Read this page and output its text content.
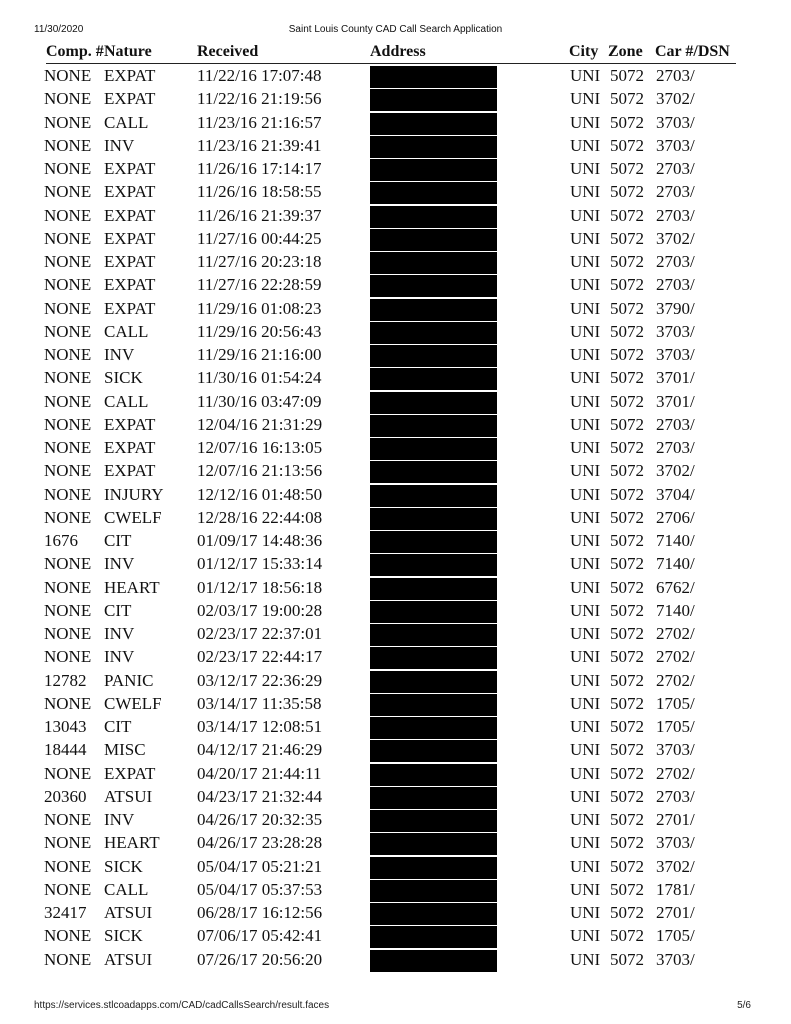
11/30/2020	Saint Louis County CAD Call Search Application
Comp. # Nature	Received	Address	City Zone Car #/DSN
NONE EXPAT 11/22/16 17:07:48	UNI 5072 2703/
NONE EXPAT 11/22/16 21:19:56	UNI 5072 3702/
NONE CALL	11/23/16 21:16:57	UNI 5072 3703/
NONE INV	11/23/16 21:39:41	UNI 5072 3703/
NONE EXPAT 11/26/16 17:14:17	UNI 5072 2703/
NONE EXPAT 11/26/16 18:58:55	UNI 5072 2703/
NONE EXPAT 11/26/16 21:39:37	UNI 5072 2703/
NONE EXPAT 11/27/16 00:44:25	UNI 5072 3702/
NONE EXPAT 11/27/16 20:23:18	UNI 5072 2703/
NONE EXPAT 11/27/16 22:28:59	UNI 5072 2703/
NONE EXPAT 11/29/16 01:08:23	UNI 5072 3790/
NONE CALL	11/29/16 20:56:43	UNI 5072 3703/
NONE INV	11/29/16 21:16:00	UNI 5072 3703/
NONE SICK	11/30/16 01:54:24	UNI 5072 3701/
NONE CALL	11/30/16 03:47:09	UNI 5072 3701/
NONE EXPAT 12/04/16 21:31:29	UNI 5072 2703/
NONE EXPAT 12/07/16 16:13:05	UNI 5072 2703/
NONE EXPAT 12/07/16 21:13:56	UNI 5072 3702/
NONE INJURY 12/12/16 01:48:50	UNI 5072 3704/
NONE CWELF 12/28/16 22:44:08	UNI 5072 2706/
1676 CIT	01/09/17 14:48:36	UNI 5072 7140/
NONE INV	01/12/17 15:33:14	UNI 5072 7140/
NONE HEART 01/12/17 18:56:18	UNI 5072 6762/
NONE CIT	02/03/17 19:00:28	UNI 5072 7140/
NONE INV	02/23/17 22:37:01	UNI 5072 2702/
NONE INV	02/23/17 22:44:17	UNI 5072 2702/
12782 PANIC	03/12/17 22:36:29	UNI 5072 2702/
NONE CWELF 03/14/17 11:35:58	UNI 5072 1705/
13043 CIT	03/14/17 12:08:51	UNI 5072 1705/
18444 MISC	04/12/17 21:46:29	UNI 5072 3703/
NONE EXPAT 04/20/17 21:44:11	UNI 5072 2702/
20360 ATSUI	04/23/17 21:32:44	UNI 5072 2703/
NONE INV	04/26/17 20:32:35	UNI 5072 2701/
NONE HEART 04/26/17 23:28:28	UNI 5072 3703/
NONE SICK	05/04/17 05:21:21	UNI 5072 3702/
NONE CALL	05/04/17 05:37:53	UNI 5072 1781/
32417 ATSUI	06/28/17 16:12:56	UNI 5072 2701/
NONE SICK	07/06/17 05:42:41	UNI 5072 1705/
NONE ATSUI	07/26/17 20:56:20	UNI 5072 3703/
https://services.stlcoadapps.com/CAD/cadCallsSearch/result.faces	5/6
